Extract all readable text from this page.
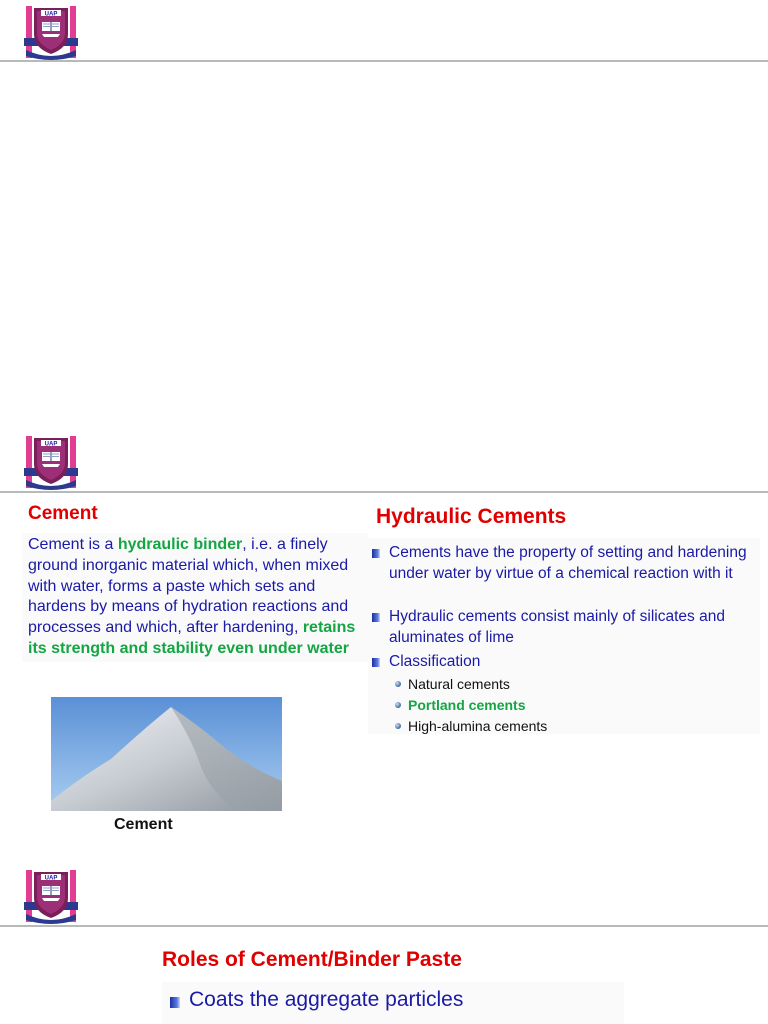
Cement
Cement is a hydraulic binder, i.e. a finely ground inorganic material which, when mixed with water, forms a paste which sets and hardens by means of hydration reactions and processes and which, after hardening, retains its strength and stability even under water
Cement
Hydraulic Cements
Cements have the property of setting and hardening under water by virtue of a chemical reaction with it
Hydraulic cements consist mainly of silicates and aluminates of lime
Classification
Natural cements
Portland cements
High-alumina cements
Roles of Cement/Binder Paste
Coats the aggregate particles
